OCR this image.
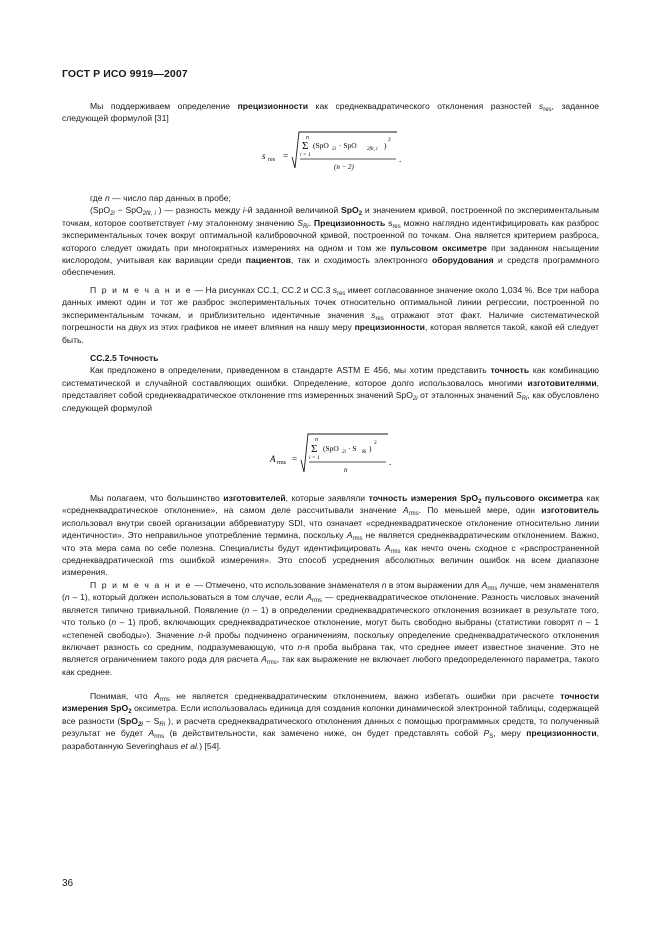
ГОСТ Р ИСО 9919—2007

Мы поддерживаем определение прецизионности как среднеквадратического отклонения разностей $s_{res}$, заданное следующей формулой [31]

s res =
n
Σ
i = 1
(SpO 2i · SpO 2fit, i )
2
(n − 2)
.

где n — число пар данных в пробе;

(SpO$_{2i}$ − SpO$_{2fit, i}$ ) — разность между i-й заданной величиной SpO$_2$ и значением кривой, построенной по экспериментальным точкам, которое соответствует i-му эталонному значению $S_{Ri}$. Прецизионность $s_{res}$ можно наглядно идентифицировать как разброс экспериментальных точек вокруг оптимальной калибровочной кривой, построенной по точкам. Она является критерием разброса, которого следует ожидать при многократных измерениях на одном и том же пульсовом оксиметре при заданном насыщении кислородом, учитывая как вариации среди пациентов, так и сходимость электронного оборудования и средств программного обеспечения.

П р и м е ч а н и е — На рисунках СС.1, СС.2 и СС.3 $s_{res}$ имеет согласованное значение около 1,034 %. Все три набора данных имеют один и тот же разброс экспериментальных точек относительно оптимальной линии регрессии, построенной по экспериментальным точкам, и приблизительно идентичные значения $s_{res}$ отражают этот факт. Наличие систематической погрешности на двух из этих графиков не имеет влияния на нашу меру прецизионности, которая является такой, какой ей следует быть.

СС.2.5 Точность

Как предложено в определении, приведенном в стандарте ASTM E 456, мы хотим представить точность как комбинацию систематической и случайной составляющих ошибки. Определение, которое долго использовалось многими изготовителями, представляет собой среднеквадратическое отклонение rms измеренных значений SpO$_{2i}$ от эталонных значений $S_{Ri}$, как обусловлено следующей формулой

A rms =
n
Σ
i = 1
(SpO 2i · S Ri )
2
n
.

Мы полагаем, что большинство изготовителей, которые заявляли точность измерения SpO$_2$ пульсового оксиметра как «среднеквадратическое отклонение», на самом деле рассчитывали значение $A_{rms}$. По меньшей мере, один изготовитель использовал внутри своей организации аббревиатуру SDI, что означает «среднеквадратическое отклонение относительно линии идентичности». Это неправильное употребление термина, поскольку $A_{rms}$ не является среднеквадратическим отклонением. Важно, что эта мера сама по себе полезна. Специалисты будут идентифицировать $A_{rms}$ как нечто очень сходное с «распространенной среднеквадратической rms ошибкой измерения». Это способ усреднения абсолютных величин ошибок на всем диапазоне измерения.

П р и м е ч а н и е — Отмечено, что использование знаменателя n в этом выражении для $A_{rms}$ лучше, чем знаменателя (n – 1), который должен использоваться в том случае, если $A_{rms}$ — среднеквадратическое отклонение. Разность числовых значений является типично тривиальной. Появление (n – 1) в определении среднеквадратического отклонения возникает в результате того, что только (n – 1) проб, включающих среднеквадратическое отклонение, могут быть свободно выбраны (статистики говорят n – 1 «степеней свободы»). Значение n-й пробы подчинено ограничениям, поскольку определение среднеквадратического отклонения включает разность со средним, подразумевающую, что n-я проба выбрана так, что среднее имеет известное значение. Это не является ограничением такого рода для расчета $A_{rms}$, так как выражение не включает любого предопределенного параметра, такого как среднее.

Понимая, что $A_{rms}$ не является среднеквадратическим отклонением, важно избегать ошибки при расчете точности измерения SpO$_2$ оксиметра. Если использовалась единица для создания колонки динамической электронной таблицы, содержащей все разности ($SpO_{2i} - S_{Ri}$ ), и расчета среднеквадратического отклонения данных с помощью программных средств, то полученный результат не будет $A_{rms}$ (в действительности, как замечено ниже, он будет представлять собой $P_S$, меру прецизионности, разработанную Severinghaus et al.) [54].

36
